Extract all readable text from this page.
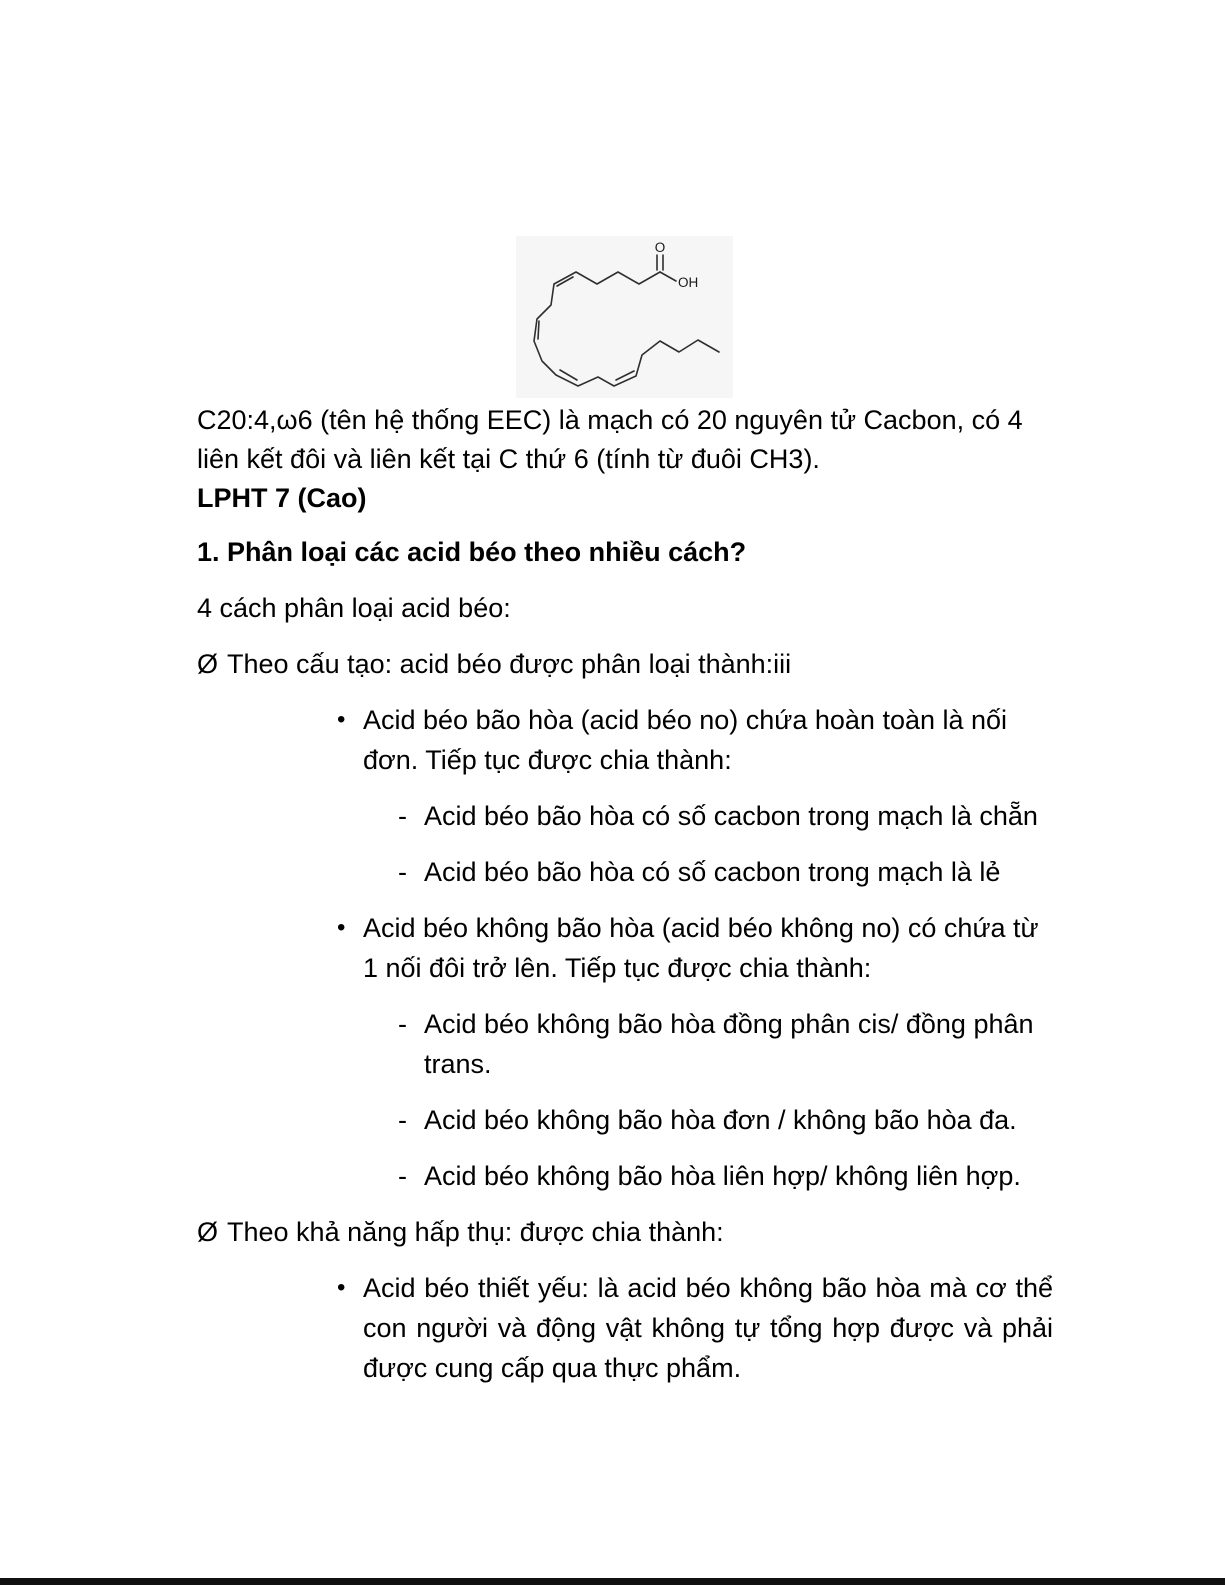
O
OH

C20:4,ω6 (tên hệ thống EEC) là mạch có 20 nguyên tử Cacbon, có 4 liên kết đôi và liên kết tại C thứ 6 (tính từ đuôi CH3).

LPHT 7 (Cao)

1. Phân loại các acid béo theo nhiều cách?
4 cách phân loại acid béo:
Ø Theo cấu tạo: acid béo được phân loại thành:iii
• Acid béo bão hòa (acid béo no) chứa hoàn toàn là nối đơn. Tiếp tục được chia thành:
- Acid béo bão hòa có số cacbon trong mạch là chẵn
- Acid béo bão hòa có số cacbon trong mạch là lẻ
• Acid béo không bão hòa (acid béo không no) có chứa từ 1 nối đôi trở lên. Tiếp tục được chia thành:
- Acid béo không bão hòa đồng phân cis/ đồng phân trans.
- Acid béo không bão hòa đơn / không bão hòa đa.
- Acid béo không bão hòa liên hợp/ không liên hợp.
Ø Theo khả năng hấp thụ: được chia thành:
• Acid béo thiết yếu: là acid béo không bão hòa mà cơ thể con người và động vật không tự tổng hợp được và phải được cung cấp qua thực phẩm.
